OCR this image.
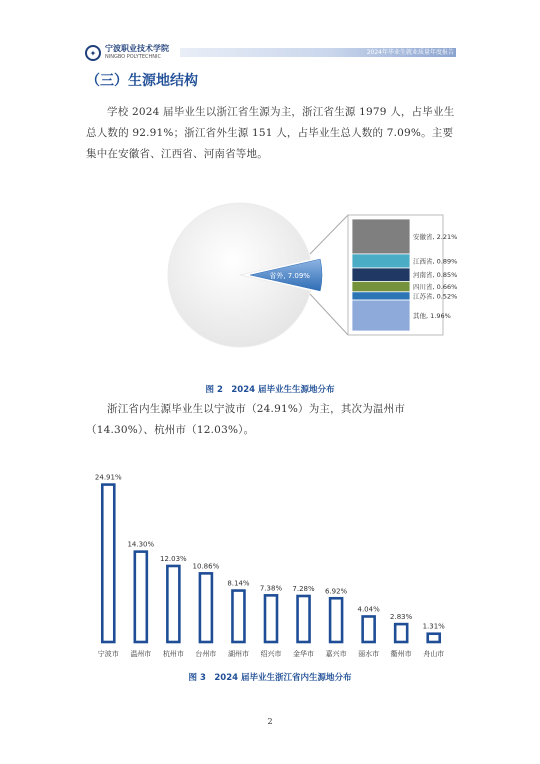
✦	宁波职业技术学院
NINGBO POLYTECHNIC
2024年毕业生就业质量年度报告
（三）生源地结构

学校 2024 届毕业生以浙江省生源为主，浙江省生源 1979 人，占毕业生总人数的 92.91%；浙江省外生源 151 人，占毕业生总人数的 7.09%。主要集中在安徽省、江西省、河南省等地。

省外, 7.09%
安徽省, 2.21%
江西省, 0.89%
河南省, 0.85%
四川省, 0.66%
江苏省, 0.52%
其他, 1.96%
图 2　2024 届毕业生生源地分布

浙江省内生源毕业生以宁波市（24.91%）为主，其次为温州市（14.30%）、杭州市（12.03%）。

24.91%
宁波市
14.30%
温州市
12.03%
杭州市
10.86%
台州市
8.14%
湖州市
7.38%
绍兴市
7.28%
金华市
6.92%
嘉兴市
4.04%
丽水市
2.83%
衢州市
1.31%
舟山市
图 3　2024 届毕业生浙江省内生源地分布
2
